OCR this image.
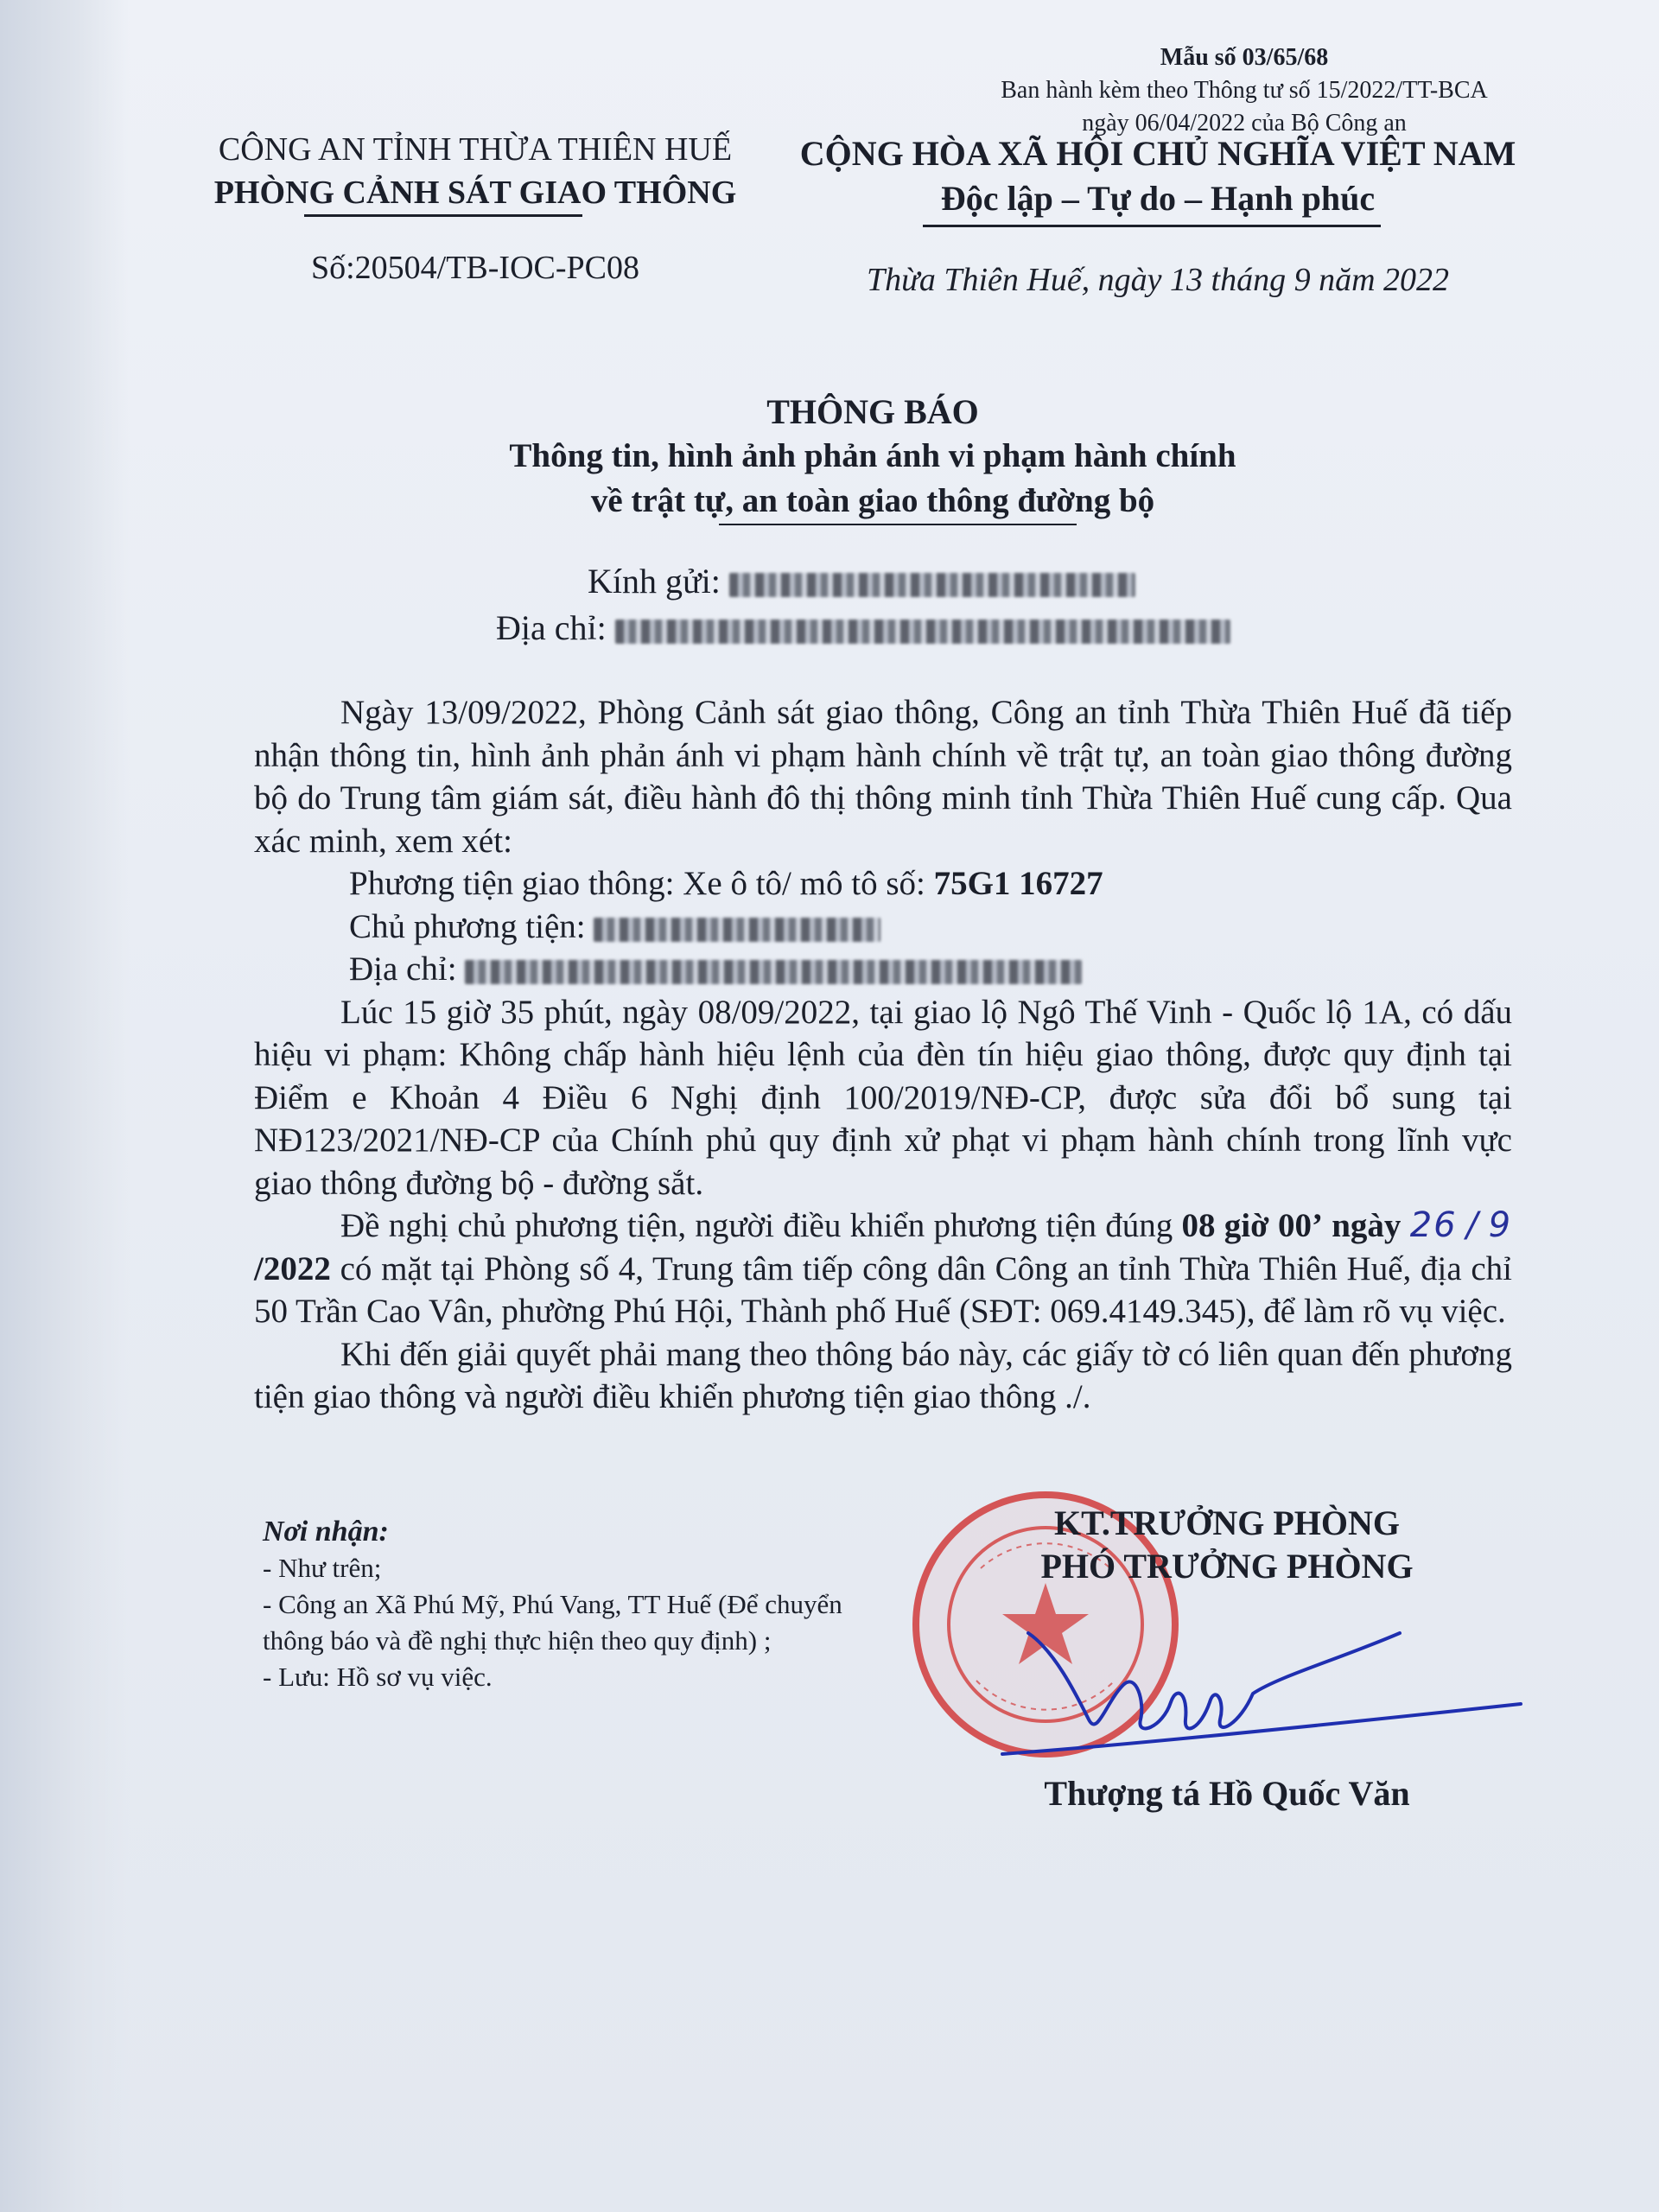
Mẫu số 03/65/68
Ban hành kèm theo Thông tư số 15/2022/TT-BCA
ngày 06/04/2022 của Bộ Công an
CÔNG AN TỈNH THỪA THIÊN HUẾ
PHÒNG CẢNH SÁT GIAO THÔNG
Số:20504/TB-IOC-PC08
CỘNG HÒA XÃ HỘI CHỦ NGHĨA VIỆT NAM
Độc lập – Tự do – Hạnh phúc
Thừa Thiên Huế, ngày 13 tháng 9 năm 2022
THÔNG BÁO
Thông tin, hình ảnh phản ánh vi phạm hành chính
về trật tự, an toàn giao thông đường bộ
Kính gửi:
Địa chỉ:

Ngày 13/09/2022, Phòng Cảnh sát giao thông, Công an tỉnh Thừa Thiên Huế đã tiếp nhận thông tin, hình ảnh phản ánh vi phạm hành chính về trật tự, an toàn giao thông đường bộ do Trung tâm giám sát, điều hành đô thị thông minh tỉnh Thừa Thiên Huế cung cấp. Qua xác minh, xem xét:

Phương tiện giao thông: Xe ô tô/ mô tô số: 75G1 16727

Chủ phương tiện:

Địa chỉ:

Lúc 15 giờ 35 phút, ngày 08/09/2022, tại giao lộ Ngô Thế Vinh - Quốc lộ 1A, có dấu hiệu vi phạm: Không chấp hành hiệu lệnh của đèn tín hiệu giao thông, được quy định tại Điểm e Khoản 4 Điều 6 Nghị định 100/2019/NĐ-CP, được sửa đổi bổ sung tại NĐ123/2021/NĐ-CP của Chính phủ quy định xử phạt vi phạm hành chính trong lĩnh vực giao thông đường bộ - đường sắt.

Đề nghị chủ phương tiện, người điều khiển phương tiện đúng 08 giờ 00’ ngày 26 / 9 /2022 có mặt tại Phòng số 4, Trung tâm tiếp công dân Công an tỉnh Thừa Thiên Huế, địa chỉ 50 Trần Cao Vân, phường Phú Hội, Thành phố Huế (SĐT: 069.4149.345), để làm rõ vụ việc.

Khi đến giải quyết phải mang theo thông báo này, các giấy tờ có liên quan đến phương tiện giao thông và người điều khiển phương tiện giao thông ./.

Nơi nhận:
- Như trên;
- Công an Xã Phú Mỹ, Phú Vang, TT Huế (Để chuyển thông báo và đề nghị thực hiện theo quy định) ;
- Lưu: Hồ sơ vụ việc.
KT.TRƯỞNG PHÒNG
PHÓ TRƯỞNG PHÒNG
Thượng tá Hồ Quốc Văn
